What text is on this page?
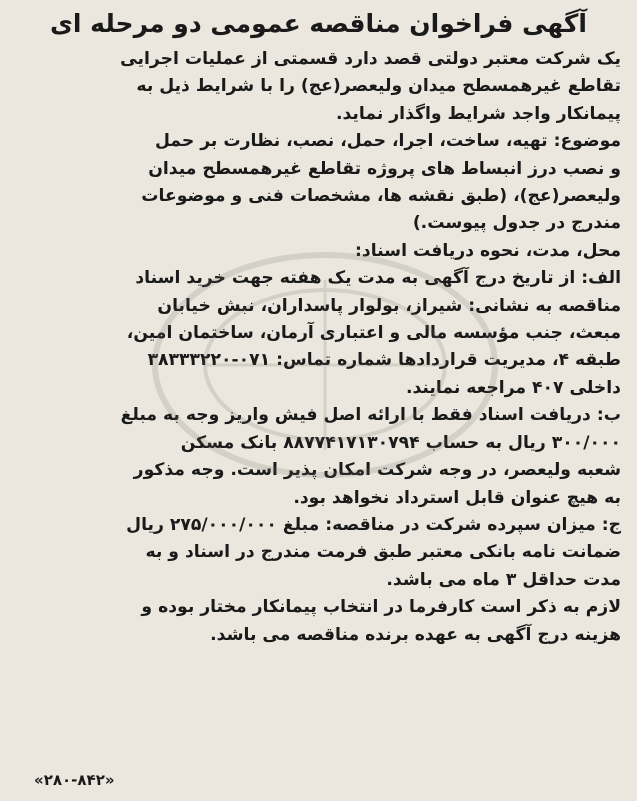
آگهی فراخوان مناقصه عمومی دو مرحله ای
یک شرکت معتبر دولتی قصد دارد قسمتی از عملیات اجرایی
تقاطع غیرهمسطح میدان ولیعصر(عج) را با شرایط ذیل به
پیمانکار واجد شرایط واگذار نماید.
موضوع: تهیه، ساخت، اجرا، حمل، نصب، نظارت بر حمل
و نصب درز انبساط های پروژه تقاطع غیرهمسطح میدان
ولیعصر(عج)، (طبق نقشه ها، مشخصات فنی و موضوعات
مندرج در جدول پیوست.)
محل، مدت، نحوه دریافت اسناد:
الف: از تاریخ درج آگهی به مدت یک هفته جهت خرید اسناد
مناقصه به نشانی: شیراز، بولوار پاسداران، نبش خیابان
مبعث، جنب مؤسسه مالی و اعتباری آرمان، ساختمان امین،
طبقه ۴، مدیریت قراردادها شماره تماس: ۰۷۱-۳۸۳۳۳۲۲۰
داخلی ۴۰۷ مراجعه نمایند.
ب: دریافت اسناد فقط با ارائه اصل فیش واریز وجه به مبلغ
۳۰۰/۰۰۰ ریال به حساب ۸۸۷۷۴۱۷۱۳۰۷۹۴ بانک مسکن
شعبه ولیعصر، در وجه شرکت امکان پذیر است. وجه مذکور
به هیچ عنوان قابل استرداد نخواهد بود.
ج: میزان سپرده شرکت در مناقصه: مبلغ ۲۷۵/۰۰۰/۰۰۰ ریال
ضمانت نامه بانکی معتبر طبق فرمت مندرج در اسناد و به
مدت حداقل ۳ ماه می باشد.
لازم به ذکر است کارفرما در انتخاب پیمانکار مختار بوده و
هزینه درج آگهی به عهده برنده مناقصه می باشد.
«۲۸۰-۸۴۲»
